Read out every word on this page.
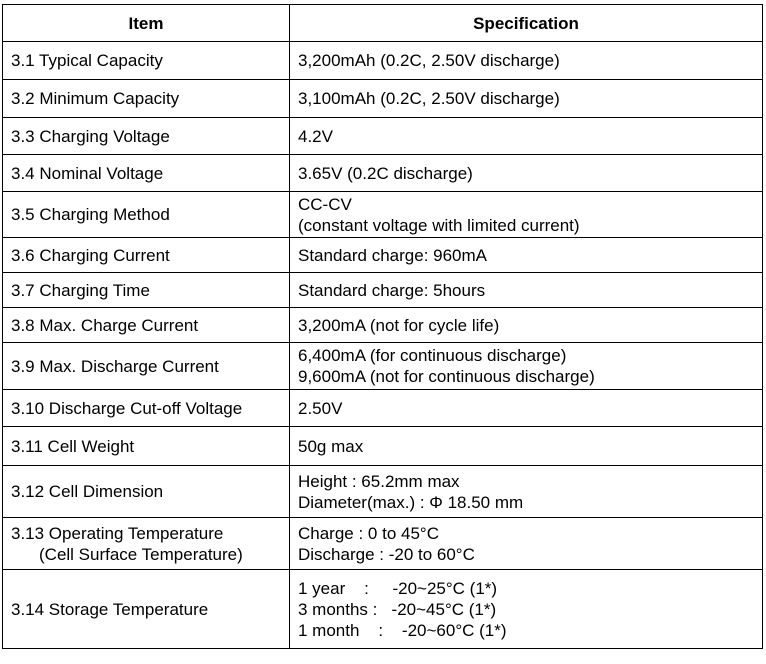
Item	Specification

3.1 Typical Capacity	3,200mAh (0.2C, 2.50V discharge)

3.2 Minimum Capacity	3,100mAh (0.2C, 2.50V discharge)

3.3 Charging Voltage	4.2V

3.4 Nominal Voltage	3.65V (0.2C discharge)

3.5 Charging Method	CC-CV
(constant voltage with limited current)

3.6 Charging Current	Standard charge: 960mA

3.7 Charging Time	Standard charge: 5hours

3.8 Max. Charge Current	3,200mA (not for cycle life)

3.9 Max. Discharge Current	6,400mA (for continuous discharge)
9,600mA (not for continuous discharge)

3.10 Discharge Cut-off Voltage	2.50V

3.11 Cell Weight	50g max

3.12 Cell Dimension	Height : 65.2mm max
Diameter(max.) : Φ 18.50 mm

3.13 Operating Temperature
(Cell Surface Temperature)	Charge : 0 to 45°C
Discharge : -20 to 60°C

3.14 Storage Temperature	1 year    :     -20~25°C (1*)
3 months :   -20~45°C (1*)
1 month    :    -20~60°C (1*)
